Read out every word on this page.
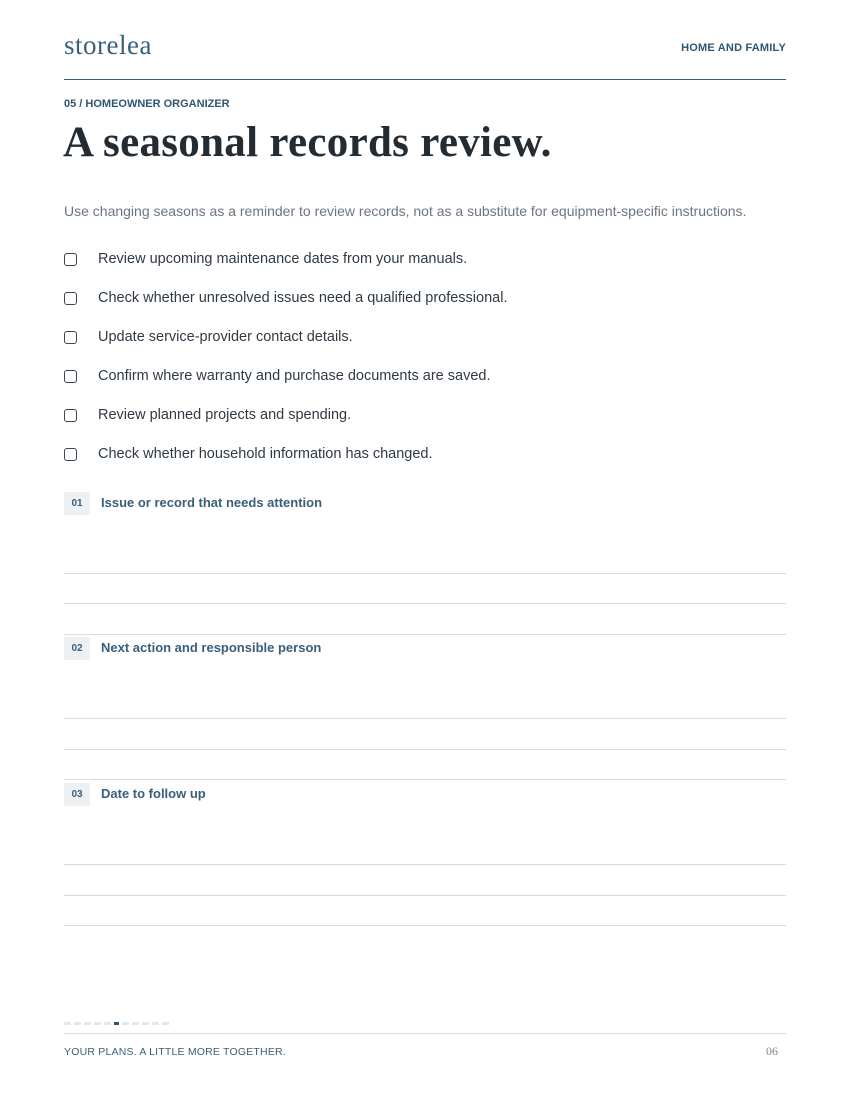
storelea	HOME AND FAMILY
05 / HOMEOWNER ORGANIZER
A seasonal records review.

Use changing seasons as a reminder to review records, not as a substitute for equipment-specific instructions.

Review upcoming maintenance dates from your manuals.
Check whether unresolved issues need a qualified professional.
Update service-provider contact details.
Confirm where warranty and purchase documents are saved.
Review planned projects and spending.
Check whether household information has changed.
01	Issue or record that needs attention
02	Next action and responsible person
03	Date to follow up
YOUR PLANS. A LITTLE MORE TOGETHER.	06
